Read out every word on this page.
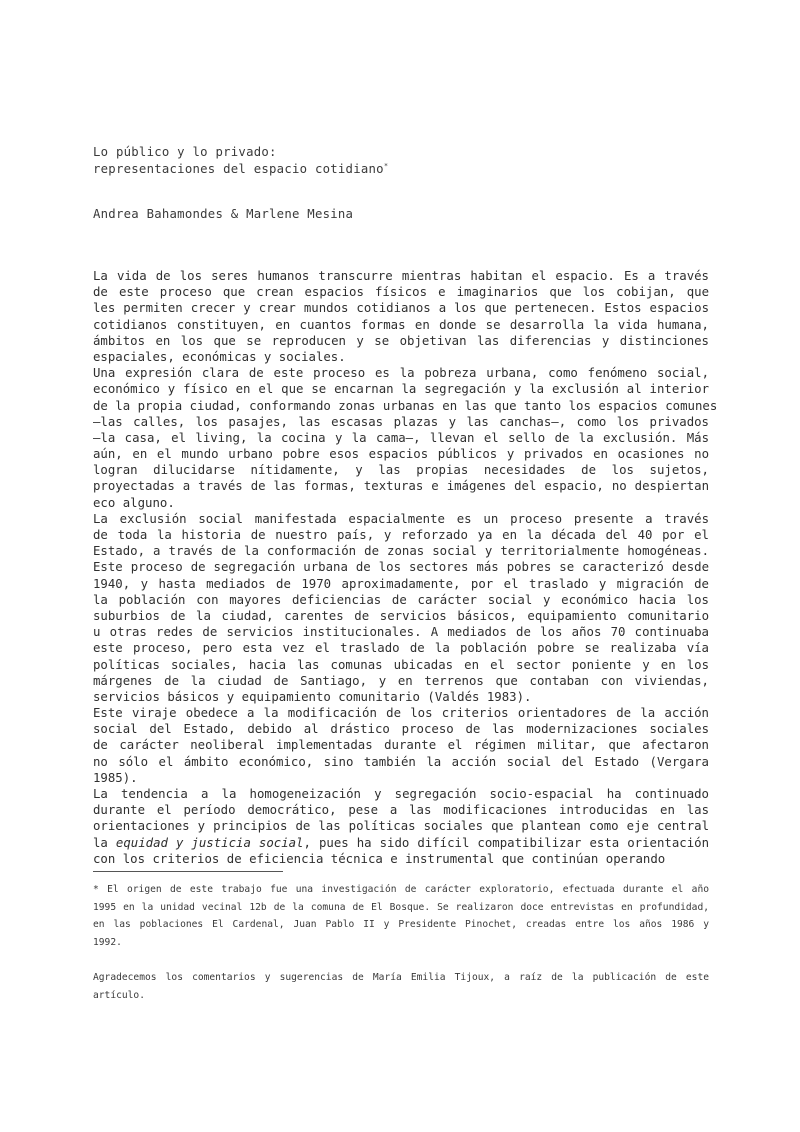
Lo público y lo privado:
representaciones del espacio cotidiano*
Andrea Bahamondes & Marlene Mesina
La vida de los seres humanos transcurre mientras habitan el espacio. Es a través
de este proceso que crean espacios físicos e imaginarios que los cobijan, que
les permiten crecer y crear mundos cotidianos a los que pertenecen. Estos espacios
cotidianos constituyen, en cuantos formas en donde se desarrolla la vida humana,
ámbitos en los que se reproducen y se objetivan las diferencias y distinciones
espaciales, económicas y sociales.
Una expresión clara de este proceso es la pobreza urbana, como fenómeno social,
económico y físico en el que se encarnan la segregación y la exclusión al interior
de la propia ciudad, conformando zonas urbanas en las que tanto los espacios comunes
—las calles, los pasajes, las escasas plazas y las canchas—, como los privados
—la casa, el living, la cocina y la cama—, llevan el sello de la exclusión. Más
aún, en el mundo urbano pobre esos espacios públicos y privados en ocasiones no
logran dilucidarse nítidamente, y las propias necesidades de los sujetos,
proyectadas a través de las formas, texturas e imágenes del espacio, no despiertan
eco alguno.
La exclusión social manifestada espacialmente es un proceso presente a través
de toda la historia de nuestro país, y reforzado ya en la década del 40 por el
Estado, a través de la conformación de zonas social y territorialmente homogéneas.
Este proceso de segregación urbana de los sectores más pobres se caracterizó desde
1940, y hasta mediados de 1970 aproximadamente, por el traslado y migración de
la población con mayores deficiencias de carácter social y económico hacia los
suburbios de la ciudad, carentes de servicios básicos, equipamiento comunitario
u otras redes de servicios institucionales. A mediados de los años 70 continuaba
este proceso, pero esta vez el traslado de la población pobre se realizaba vía
políticas sociales, hacia las comunas ubicadas en el sector poniente y en los
márgenes de la ciudad de Santiago, y en terrenos que contaban con viviendas,
servicios básicos y equipamiento comunitario (Valdés 1983).
Este viraje obedece a la modificación de los criterios orientadores de la acción
social del Estado, debido al drástico proceso de las modernizaciones sociales
de carácter neoliberal implementadas durante el régimen militar, que afectaron
no sólo el ámbito económico, sino también la acción social del Estado (Vergara
1985).
La tendencia a la homogeneización y segregación socio-espacial ha continuado
durante el período democrático, pese a las modificaciones introducidas en las
orientaciones y principios de las políticas sociales que plantean como eje central
la equidad y justicia social, pues ha sido difícil compatibilizar esta orientación
con los criterios de eficiencia técnica e instrumental que continúan operando
* El origen de este trabajo fue una investigación de carácter exploratorio, efectuada durante el año
1995 en la unidad vecinal 12b de la comuna de El Bosque. Se realizaron doce entrevistas en profundidad,
en las poblaciones El Cardenal, Juan Pablo II y Presidente Pinochet, creadas entre los años 1986 y
1992.
Agradecemos los comentarios y sugerencias de María Emilia Tijoux, a raíz de la publicación de este
artículo.
